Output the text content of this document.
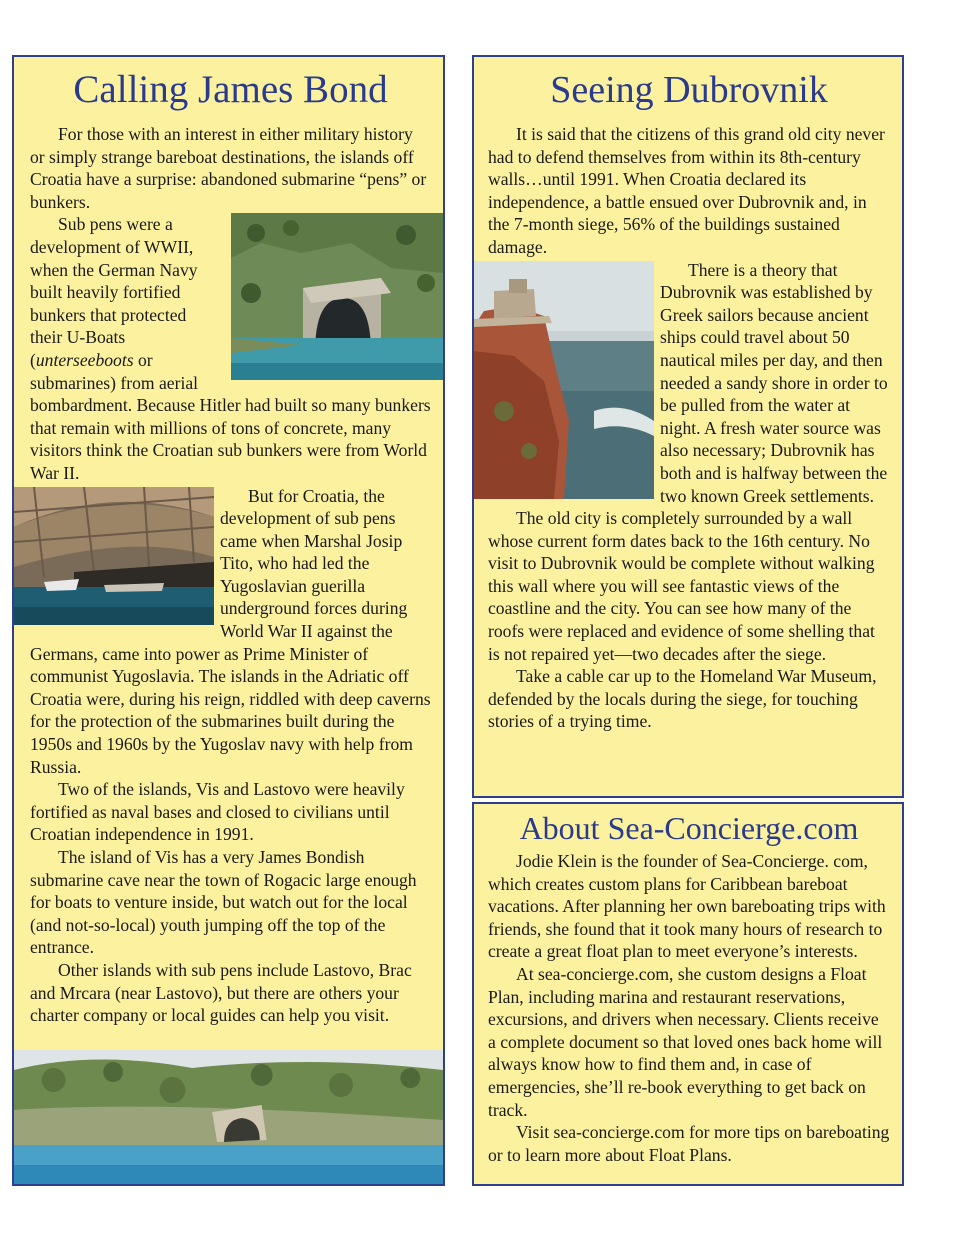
Calling James Bond

For those with an interest in either military history or simply strange bareboat destinations, the islands off Croatia have a surprise: abandoned submarine “pens” or bunkers.

Sub pens were a development of WWII, when the German Navy built heavily fortified bunkers that protected their U-Boats (unterseeboots or submarines) from aerial bombardment. Because Hitler had built so many bunkers that remain with millions of tons of concrete, many visitors think the Croatian sub bunkers were from World War II.

But for Croatia, the development of sub pens came when Marshal Josip Tito, who had led the Yugoslavian guerilla underground forces during World War II against the Germans, came into power as Prime Minister of communist Yugoslavia. The islands in the Adriatic off Croatia were, during his reign, riddled with deep caverns for the protection of the submarines built during the 1950s and 1960s by the Yugoslav navy with help from Russia.

Two of the islands, Vis and Lastovo were heavily fortified as naval bases and closed to civilians until Croatian independence in 1991.

The island of Vis has a very James Bondish submarine cave near the town of Rogacic large enough for boats to venture inside, but watch out for the local (and not-so-local) youth jumping off the top of the entrance.

Other islands with sub pens include Lastovo, Brac and Mrcara (near Lastovo), but there are others your charter company or local guides can help you visit.

Seeing Dubrovnik

It is said that the citizens of this grand old city never had to defend themselves from within its 8th-century walls…until 1991. When Croatia declared its independence, a battle ensued over Dubrovnik and, in the 7-month siege, 56% of the buildings sustained damage.

There is a theory that Dubrovnik was established by Greek sailors because ancient ships could travel about 50 nautical miles per day, and then needed a sandy shore in order to be pulled from the water at night. A fresh water source was also necessary; Dubrovnik has both and is halfway between the two known Greek settlements.

The old city is completely surrounded by a wall whose current form dates back to the 16th century. No visit to Dubrovnik would be complete without walking this wall where you will see fantastic views of the coastline and the city. You can see how many of the roofs were replaced and evidence of some shelling that is not repaired yet—two decades after the siege.

Take a cable car up to the Homeland War Museum, defended by the locals during the siege, for touching stories of a trying time.

About Sea-Concierge.com

Jodie Klein is the founder of Sea-Concierge. com, which creates custom plans for Caribbean bareboat vacations. After planning her own bareboating trips with friends, she found that it took many hours of research to create a great float plan to meet everyone’s interests.

At sea-concierge.com, she custom designs a Float Plan, including marina and restaurant reservations, excursions, and drivers when necessary. Clients receive a complete document so that loved ones back home will always know how to find them and, in case of emergencies, she’ll re-book everything to get back on track.

Visit sea-concierge.com for more tips on bareboating or to learn more about Float Plans.
